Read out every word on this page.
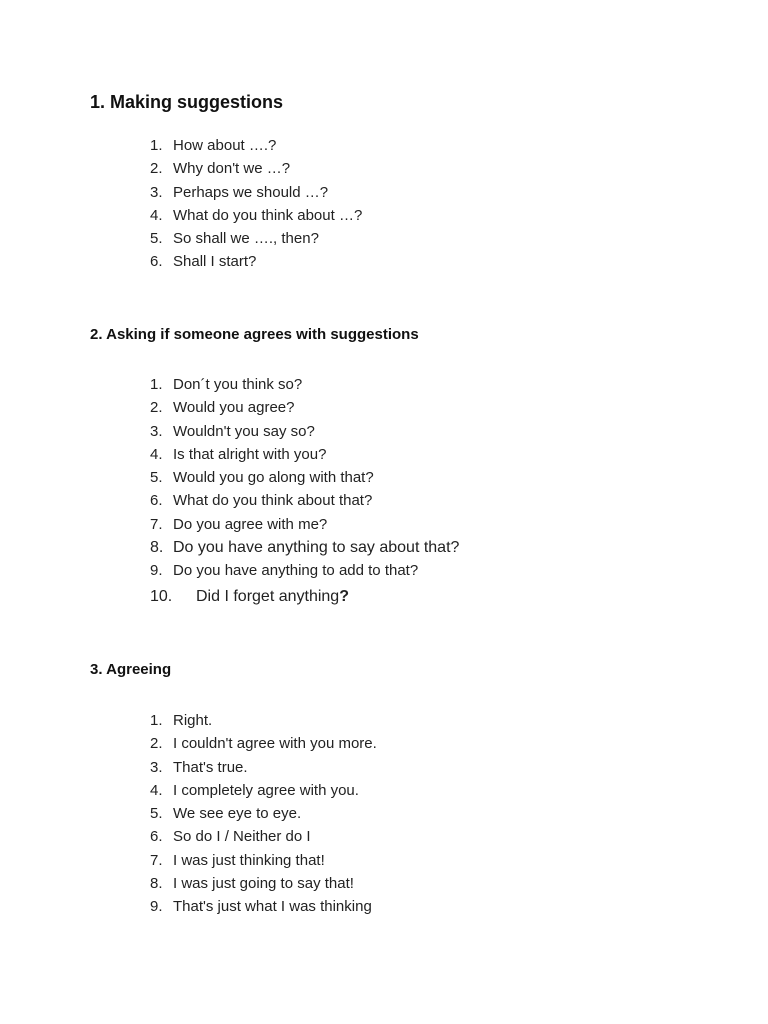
1. Making suggestions
1. How about ….?
2. Why don't we …?
3. Perhaps we should …?
4. What do you think about …?
5. So shall we …., then?
6. Shall I start?
2. Asking if someone agrees with suggestions
1. Don´t you think so?
2. Would you agree?
3. Wouldn't you say so?
4. Is that alright with you?
5. Would you go along with that?
6. What do you think about that?
7. Do you agree with me?
8. Do you have anything to say about that?
9. Do you have anything to add to that?
10. Did I forget anything?
3. Agreeing
1. Right.
2. I couldn't agree with you more.
3. That's true.
4. I completely agree with you.
5. We see eye to eye.
6. So do I / Neither do I
7. I was just thinking that!
8. I was just going to say that!
9. That's just what I was thinking
